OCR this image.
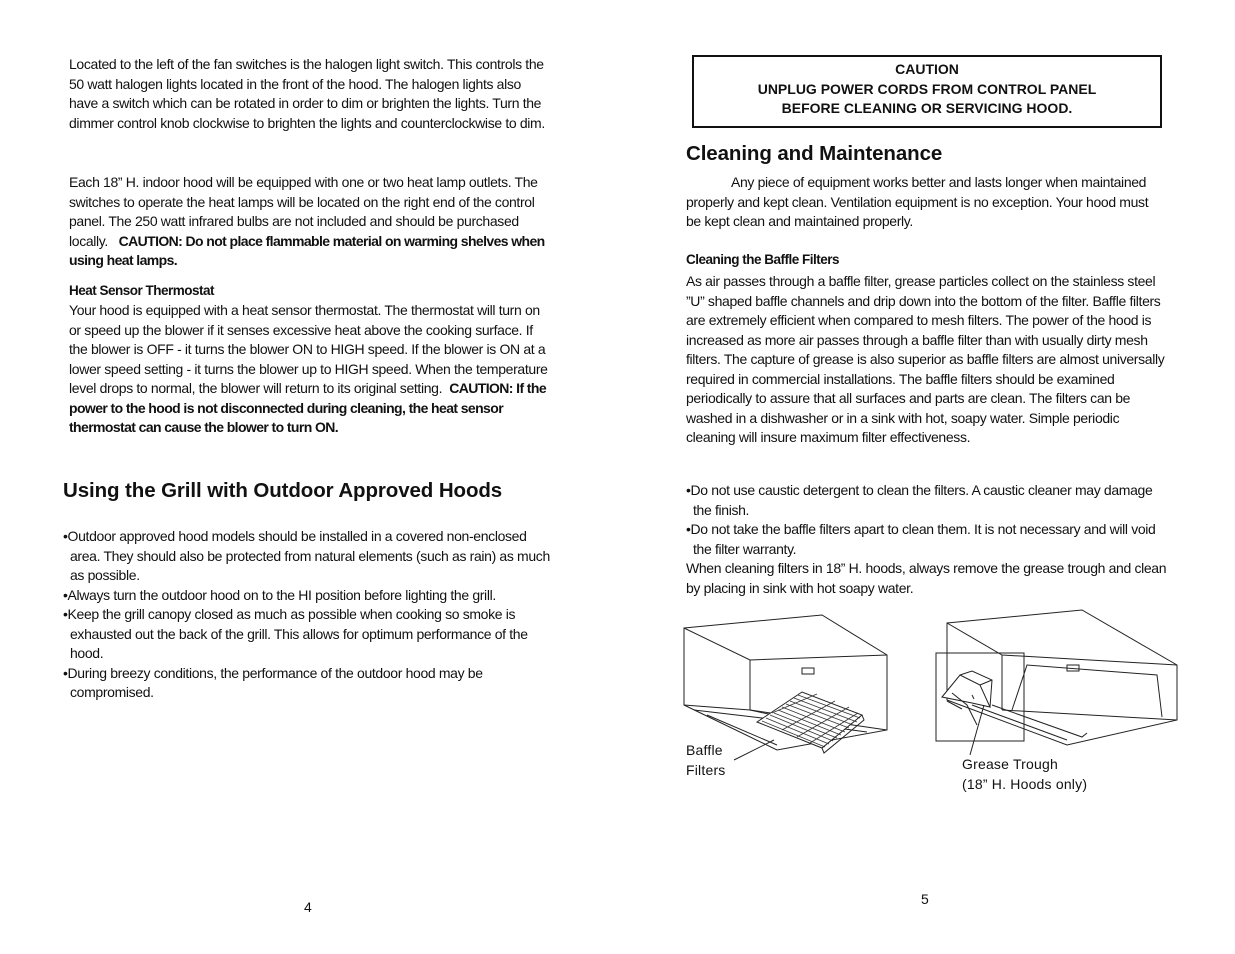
Located to the left of the fan switches is the halogen light switch. This controls the 50 watt halogen lights located in the front of the hood. The halogen lights also have a switch which can be rotated in order to dim or brighten the lights. Turn the dimmer control knob clockwise to brighten the lights and counterclockwise to dim.

Each 18” H. indoor hood will be equipped with one or two heat lamp outlets. The switches to operate the heat lamps will be located on the right end of the control panel. The 250 watt infrared bulbs are not included and should be purchased locally. CAUTION: Do not place flammable material on warming shelves when using heat lamps.

Heat Sensor Thermostat

Your hood is equipped with a heat sensor thermostat. The thermostat will turn on or speed up the blower if it senses excessive heat above the cooking surface. If the blower is OFF - it turns the blower ON to HIGH speed. If the blower is ON at a lower speed setting - it turns the blower up to HIGH speed. When the temperature level drops to normal, the blower will return to its original setting. CAUTION: If the power to the hood is not disconnected during cleaning, the heat sensor thermostat can cause the blower to turn ON.

Using the Grill with Outdoor Approved Hoods
•Outdoor approved hood models should be installed in a covered non-enclosed area. They should also be protected from natural elements (such as rain) as much as possible.
•Always turn the outdoor hood on to the HI position before lighting the grill.
•Keep the grill canopy closed as much as possible when cooking so smoke is exhausted out the back of the grill. This allows for optimum performance of the hood.
•During breezy conditions, the performance of the outdoor hood may be compromised.
4
CAUTION
UNPLUG POWER CORDS FROM CONTROL PANEL
BEFORE CLEANING OR SERVICING HOOD.
Cleaning and Maintenance

Any piece of equipment works better and lasts longer when maintained properly and kept clean. Ventilation equipment is no exception. Your hood must be kept clean and maintained properly.

Cleaning the Baffle Filters

As air passes through a baffle filter, grease particles collect on the stainless steel ”U” shaped baffle channels and drip down into the bottom of the filter. Baffle filters are extremely efficient when compared to mesh filters. The power of the hood is increased as more air passes through a baffle filter than with usually dirty mesh filters. The capture of grease is also superior as baffle filters are almost universally required in commercial installations. The baffle filters should be examined periodically to assure that all surfaces and parts are clean. The filters can be washed in a dishwasher or in a sink with hot, soapy water. Simple periodic cleaning will insure maximum filter effectiveness.

•Do not use caustic detergent to clean the filters. A caustic cleaner may damage the finish.
•Do not take the baffle filters apart to clean them. It is not necessary and will void the filter warranty.

When cleaning filters in 18” H. hoods, always remove the grease trough and clean by placing in sink with hot soapy water.

Baffle
Filters	Grease Trough
(18” H. Hoods only)
5
